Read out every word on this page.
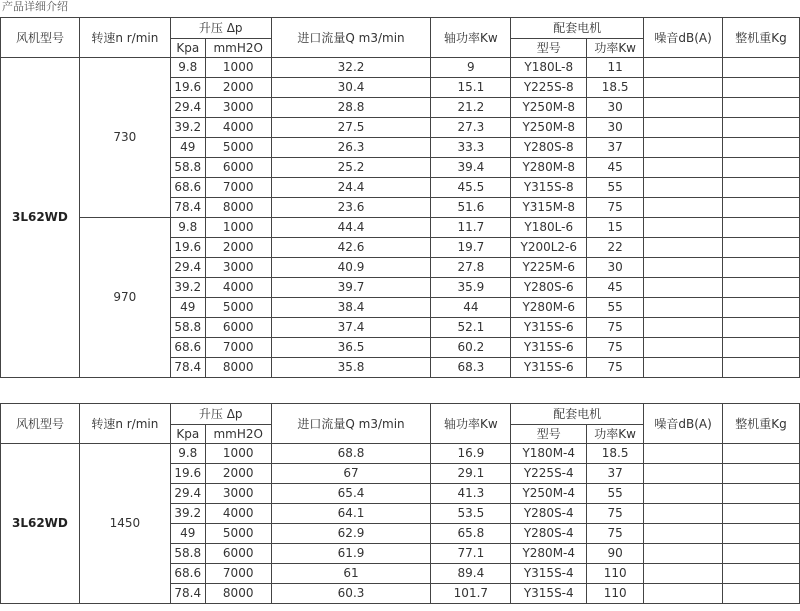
产品详细介绍
风机型号	转速n r/min	升压 Δp		进口流量Q m3/min	轴功率Kw	配套电机		噪音dB(A)	整机重Kg
		Kpa	mmH2O			型号	功率Kw		
3L62WD	730	9.8	1000	32.2	9	Y180L-8	11		
		19.6	2000	30.4	15.1	Y225S-8	18.5		
		29.4	3000	28.8	21.2	Y250M-8	30		
		39.2	4000	27.5	27.3	Y250M-8	30		
		49	5000	26.3	33.3	Y280S-8	37		
		58.8	6000	25.2	39.4	Y280M-8	45		
		68.6	7000	24.4	45.5	Y315S-8	55		
		78.4	8000	23.6	51.6	Y315M-8	75		
	970	9.8	1000	44.4	11.7	Y180L-6	15		
		19.6	2000	42.6	19.7	Y200L2-6	22		
		29.4	3000	40.9	27.8	Y225M-6	30		
		39.2	4000	39.7	35.9	Y280S-6	45		
		49	5000	38.4	44	Y280M-6	55		
		58.8	6000	37.4	52.1	Y315S-6	75		
		68.6	7000	36.5	60.2	Y315S-6	75		
		78.4	8000	35.8	68.3	Y315S-6	75		
风机型号	转速n r/min	升压 Δp		进口流量Q m3/min	轴功率Kw	配套电机		噪音dB(A)	整机重Kg
		Kpa	mmH2O			型号	功率Kw		
3L62WD	1450	9.8	1000	68.8	16.9	Y180M-4	18.5		
		19.6	2000	67	29.1	Y225S-4	37		
		29.4	3000	65.4	41.3	Y250M-4	55		
		39.2	4000	64.1	53.5	Y280S-4	75		
		49	5000	62.9	65.8	Y280S-4	75		
		58.8	6000	61.9	77.1	Y280M-4	90		
		68.6	7000	61	89.4	Y315S-4	110		
		78.4	8000	60.3	101.7	Y315S-4	110		
